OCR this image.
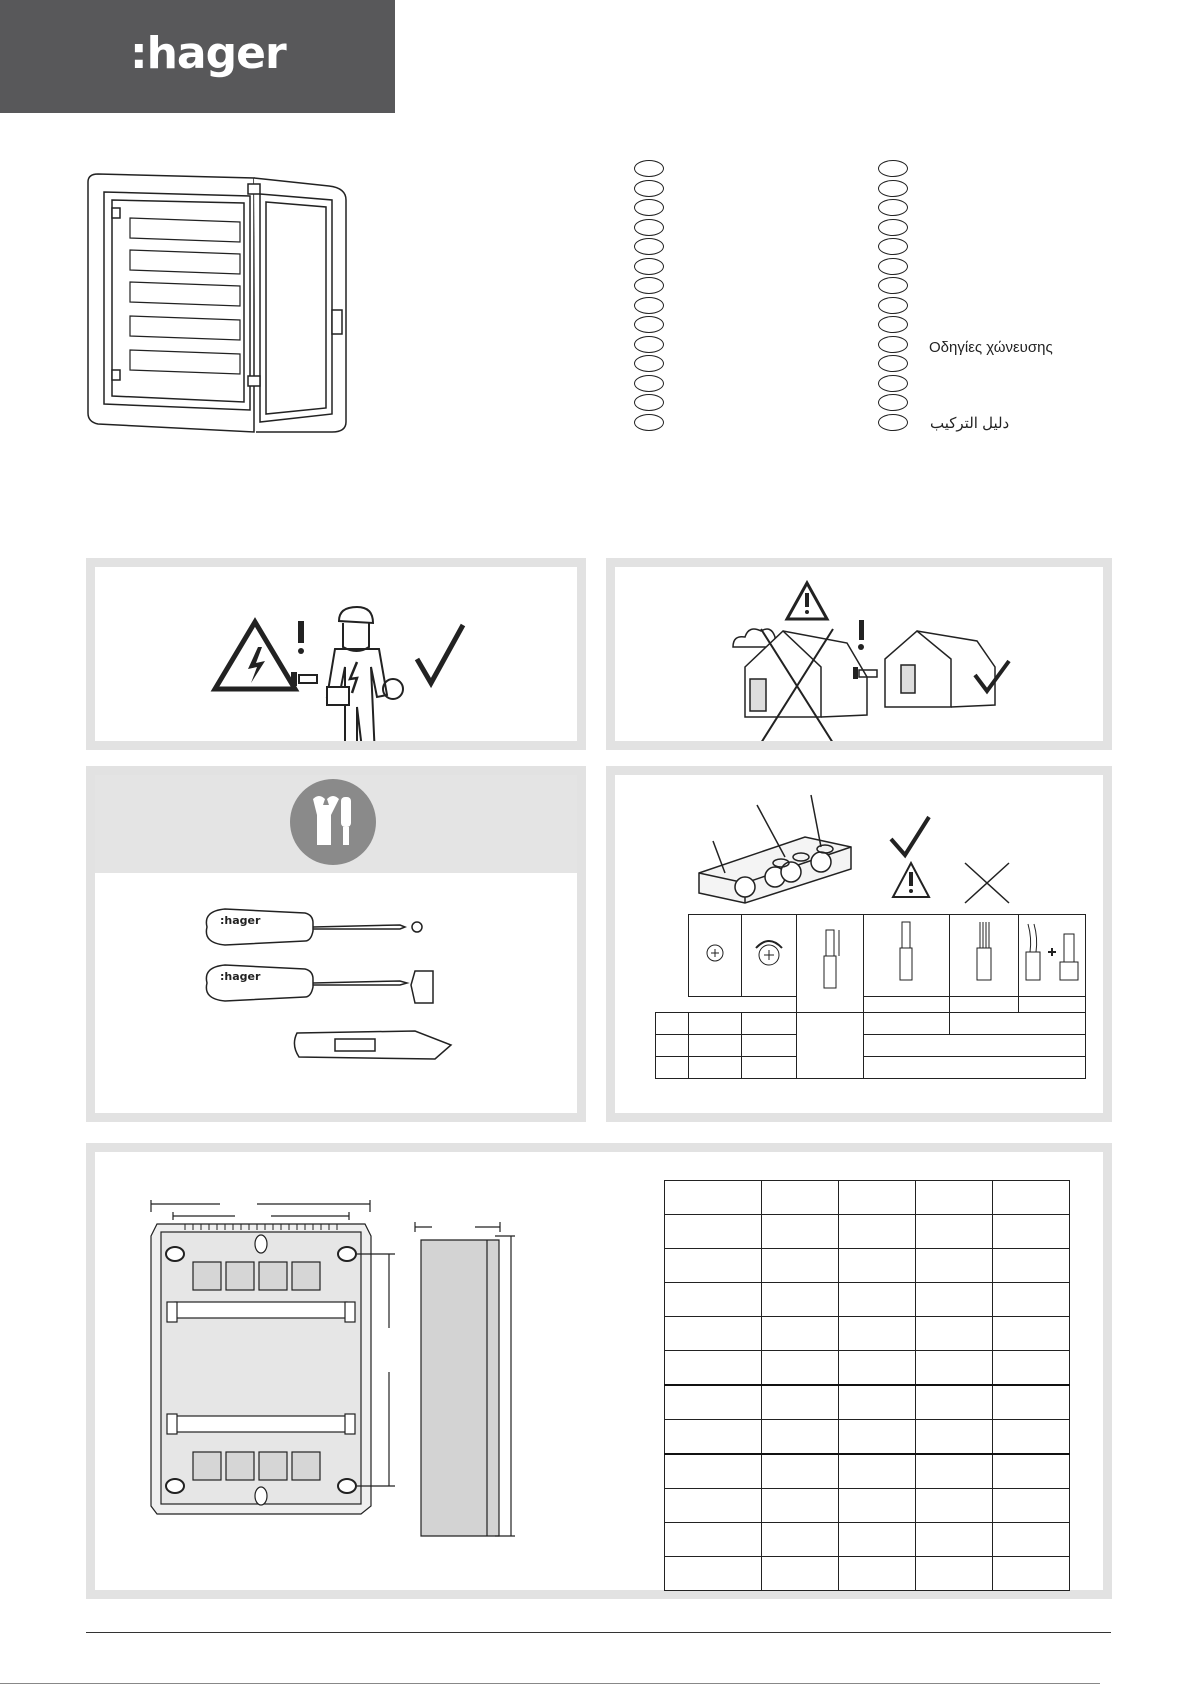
:hager
Οδηγίες χώνευσης
دليل التركيب
:hager
:hager
